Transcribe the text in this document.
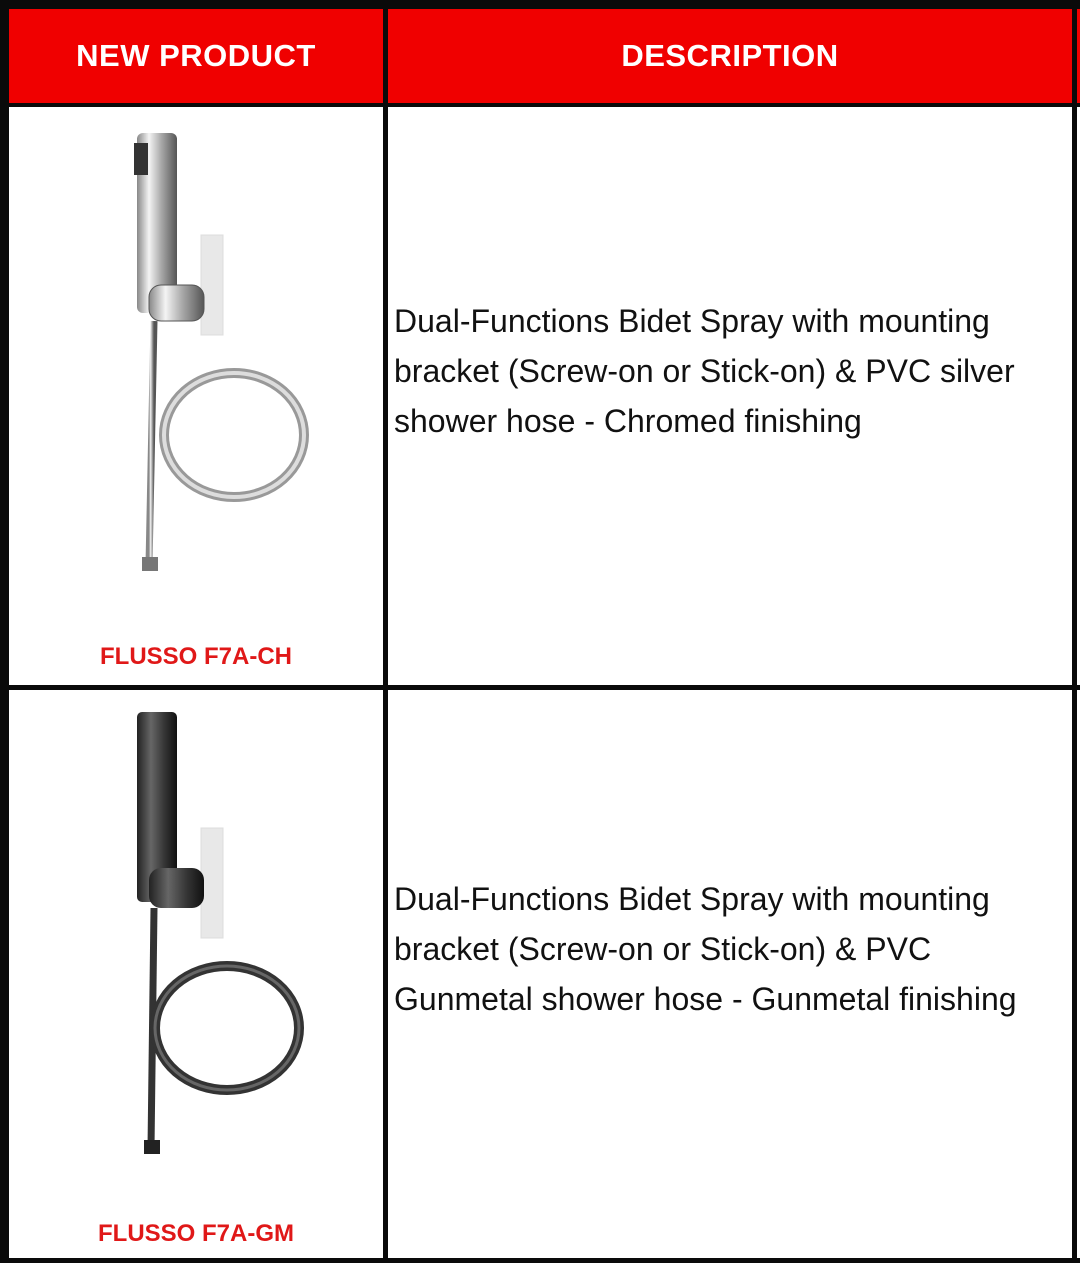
NEW PRODUCT	DESCRIPTION
FLUSSO F7A-CH
Dual-Functions Bidet Spray with mounting bracket (Screw-on or Stick-on) & PVC silver shower hose - Chromed finishing
FLUSSO F7A-GM
Dual-Functions Bidet Spray with mounting bracket (Screw-on or Stick-on) & PVC Gunmetal shower hose - Gunmetal finishing
